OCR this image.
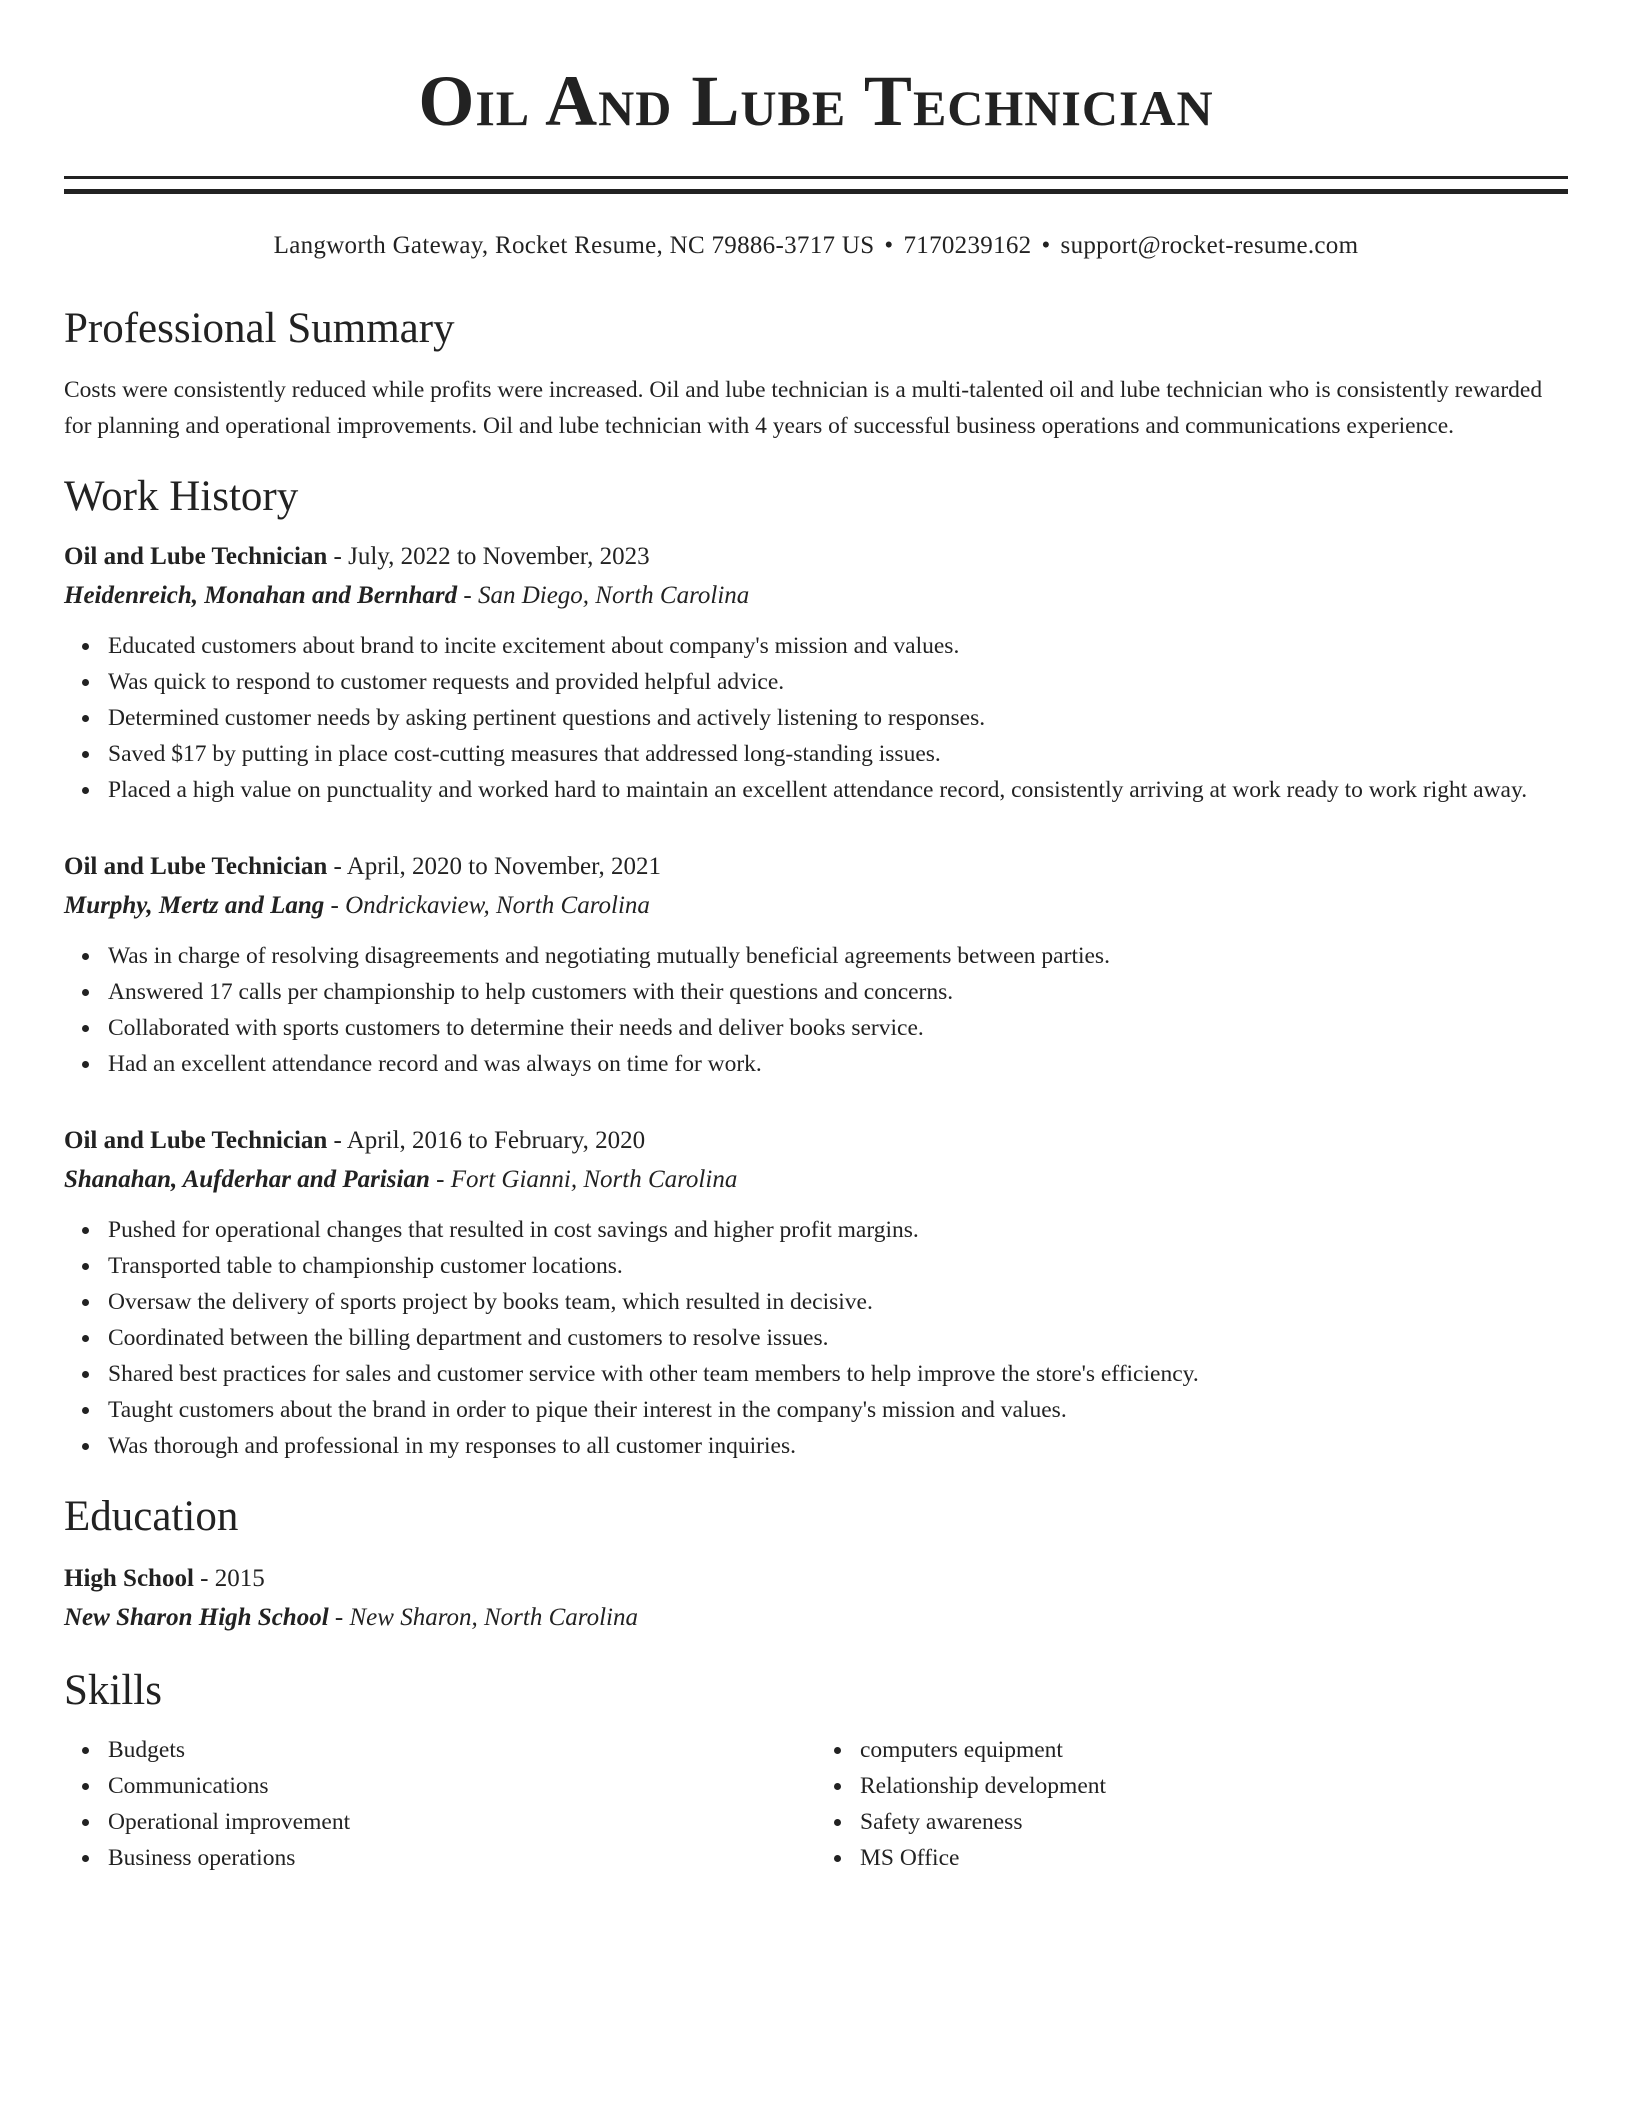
Oil And Lube Technician
Langworth Gateway, Rocket Resume, NC 79886-3717 US • 7170239162 • support@rocket-resume.com
Professional Summary

Costs were consistently reduced while profits were increased. Oil and lube technician is a multi-talented oil and lube technician who is consistently rewarded for planning and operational improvements. Oil and lube technician with 4 years of successful business operations and communications experience.

Work History
Oil and Lube Technician - July, 2022 to November, 2023
Heidenreich, Monahan and Bernhard - San Diego, North Carolina
Educated customers about brand to incite excitement about company's mission and values.
Was quick to respond to customer requests and provided helpful advice.
Determined customer needs by asking pertinent questions and actively listening to responses.
Saved $17 by putting in place cost-cutting measures that addressed long-standing issues.
Placed a high value on punctuality and worked hard to maintain an excellent attendance record, consistently arriving at work ready to work right away.
Oil and Lube Technician - April, 2020 to November, 2021
Murphy, Mertz and Lang - Ondrickaview, North Carolina
Was in charge of resolving disagreements and negotiating mutually beneficial agreements between parties.
Answered 17 calls per championship to help customers with their questions and concerns.
Collaborated with sports customers to determine their needs and deliver books service.
Had an excellent attendance record and was always on time for work.
Oil and Lube Technician - April, 2016 to February, 2020
Shanahan, Aufderhar and Parisian - Fort Gianni, North Carolina
Pushed for operational changes that resulted in cost savings and higher profit margins.
Transported table to championship customer locations.
Oversaw the delivery of sports project by books team, which resulted in decisive.
Coordinated between the billing department and customers to resolve issues.
Shared best practices for sales and customer service with other team members to help improve the store's efficiency.
Taught customers about the brand in order to pique their interest in the company's mission and values.
Was thorough and professional in my responses to all customer inquiries.
Education
High School - 2015
New Sharon High School - New Sharon, North Carolina
Skills
Budgets
Communications
Operational improvement
Business operations
computers equipment
Relationship development
Safety awareness
MS Office
